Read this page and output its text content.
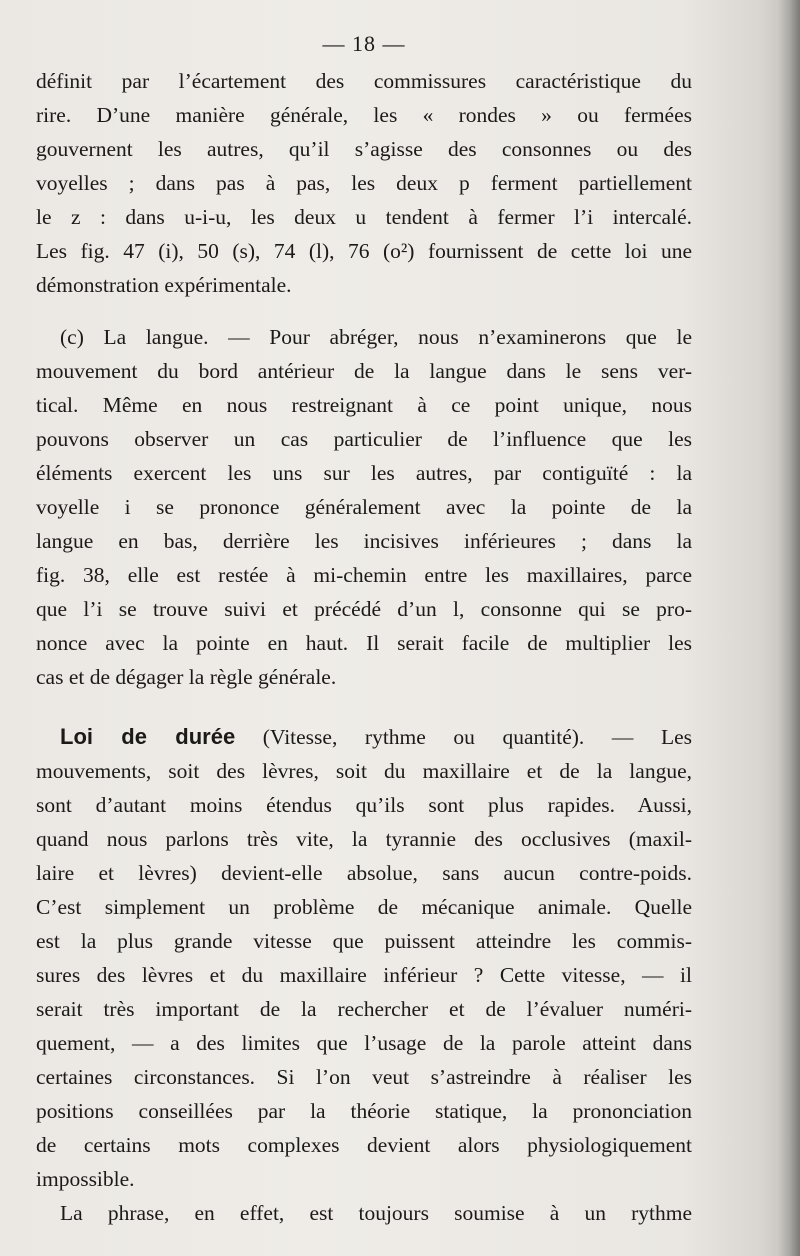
— 18 —

définit par l’écartement des commissures caractéristique du
rire. D’une manière générale, les « rondes » ou fermées
gouvernent les autres, qu’il s’agisse des consonnes ou des
voyelles ; dans pas à pas, les deux p ferment partiellement
le z : dans u-i-u, les deux u tendent à fermer l’i intercalé.
Les fig. 47 (i), 50 (s), 74 (l), 76 (o²) fournissent de cette loi une
démonstration expérimentale.

(c) La langue. — Pour abréger, nous n’examinerons que le
mouvement du bord antérieur de la langue dans le sens ver-
tical. Même en nous restreignant à ce point unique, nous
pouvons observer un cas particulier de l’influence que les
éléments exercent les uns sur les autres, par contiguïté : la
voyelle i se prononce généralement avec la pointe de la
langue en bas, derrière les incisives inférieures ; dans la
fig. 38, elle est restée à mi-chemin entre les maxillaires, parce
que l’i se trouve suivi et précédé d’un l, consonne qui se pro-
nonce avec la pointe en haut. Il serait facile de multiplier les
cas et de dégager la règle générale.

Loi de durée (Vitesse, rythme ou quantité). — Les
mouvements, soit des lèvres, soit du maxillaire et de la langue,
sont d’autant moins étendus qu’ils sont plus rapides. Aussi,
quand nous parlons très vite, la tyrannie des occlusives (maxil-
laire et lèvres) devient-elle absolue, sans aucun contre-poids.
C’est simplement un problème de mécanique animale. Quelle
est la plus grande vitesse que puissent atteindre les commis-
sures des lèvres et du maxillaire inférieur ? Cette vitesse, — il
serait très important de la rechercher et de l’évaluer numéri-
quement, — a des limites que l’usage de la parole atteint dans
certaines circonstances. Si l’on veut s’astreindre à réaliser les
positions conseillées par la théorie statique, la prononciation
de certains mots complexes devient alors physiologiquement
impossible.

La phrase, en effet, est toujours soumise à un rythme
